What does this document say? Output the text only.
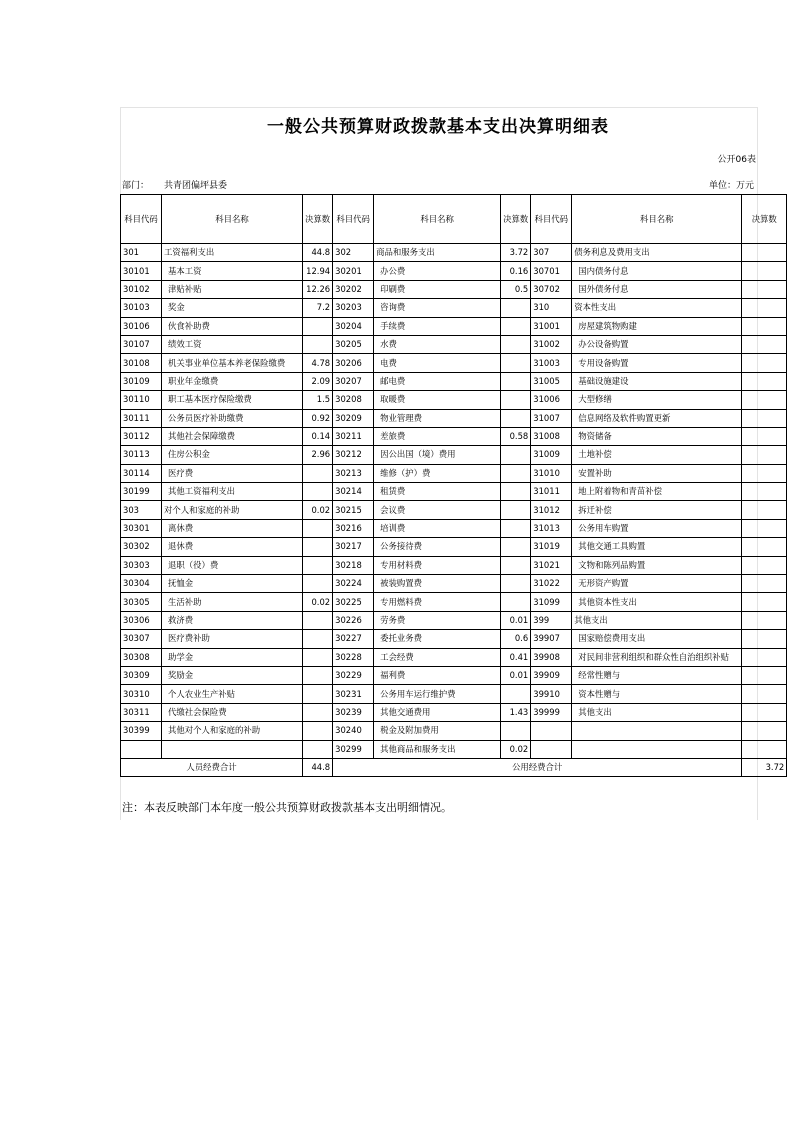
一般公共预算财政拨款基本支出决算明细表
公开06表
部门： 共青团偏坪县委	单位：万元
科目代码	科目名称	决算数	科目代码	科目名称	决算数	科目代码	科目名称	决算数
301	工资福利支出	44.8	302	商品和服务支出	3.72	307	债务利息及费用支出	
30101	基本工资	12.94	30201	办公费	0.16	30701	国内债务付息	
30102	津贴补贴	12.26	30202	印刷费	0.5	30702	国外债务付息	
30103	奖金	7.2	30203	咨询费		310	资本性支出	
30106	伙食补助费		30204	手续费		31001	房屋建筑物购建	
30107	绩效工资		30205	水费		31002	办公设备购置	
30108	机关事业单位基本养老保险缴费	4.78	30206	电费		31003	专用设备购置	
30109	职业年金缴费	2.09	30207	邮电费		31005	基础设施建设	
30110	职工基本医疗保险缴费	1.5	30208	取暖费		31006	大型修缮	
30111	公务员医疗补助缴费	0.92	30209	物业管理费		31007	信息网络及软件购置更新	
30112	其他社会保障缴费	0.14	30211	差旅费	0.58	31008	物资储备	
30113	住房公积金	2.96	30212	因公出国（境）费用		31009	土地补偿	
30114	医疗费		30213	维修（护）费		31010	安置补助	
30199	其他工资福利支出		30214	租赁费		31011	地上附着物和青苗补偿	
303	对个人和家庭的补助	0.02	30215	会议费		31012	拆迁补偿	
30301	离休费		30216	培训费		31013	公务用车购置	
30302	退休费		30217	公务接待费		31019	其他交通工具购置	
30303	退职（役）费		30218	专用材料费		31021	文物和陈列品购置	
30304	抚恤金		30224	被装购置费		31022	无形资产购置	
30305	生活补助	0.02	30225	专用燃料费		31099	其他资本性支出	
30306	救济费		30226	劳务费	0.01	399	其他支出	
30307	医疗费补助		30227	委托业务费	0.6	39907	国家赔偿费用支出	
30308	助学金		30228	工会经费	0.41	39908	对民间非营利组织和群众性自治组织补贴	
30309	奖励金		30229	福利费	0.01	39909	经常性赠与	
30310	个人农业生产补贴		30231	公务用车运行维护费		39910	资本性赠与	
30311	代缴社会保险费		30239	其他交通费用	1.43	39999	其他支出	
30399	其他对个人和家庭的补助		30240	税金及附加费用				
			30299	其他商品和服务支出	0.02			
人员经费合计		44.8	公用经费合计					3.72
注：本表反映部门本年度一般公共预算财政拨款基本支出明细情况。
